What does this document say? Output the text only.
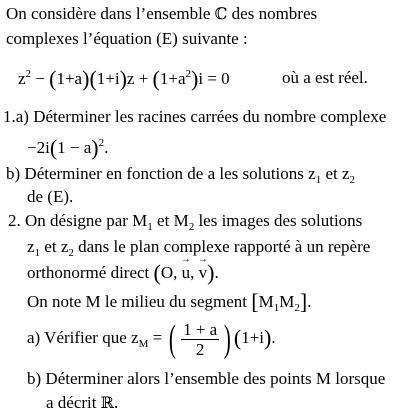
On considère dans l’ensemble ℂ des nombres
complexes l’équation (E) suivante :
$z^2 - (1+a)(1+i)z + (1+a^2)i = 0$	où a est réel.
1.a) Déterminer les racines carrées du nombre complexe
$-2i(1 - a)^2$.
b) Déterminer en fonction de a les solutions $z_1$ et $z_2$
de (E).
2. On désigne par $M_1$ et $M_2$ les images des solutions
$z_1$ et $z_2$ dans le plan complexe rapporté à un repère
orthonormé direct (O, → u, → v).
On note M le milieu du segment $[M_1M_2]$.
a) Vérifier que $z_M$ = ( $\frac{1 + a}{2}$ ) (1+i).
b) Déterminer alors l’ensemble des points M lorsque
a décrit ℝ.
